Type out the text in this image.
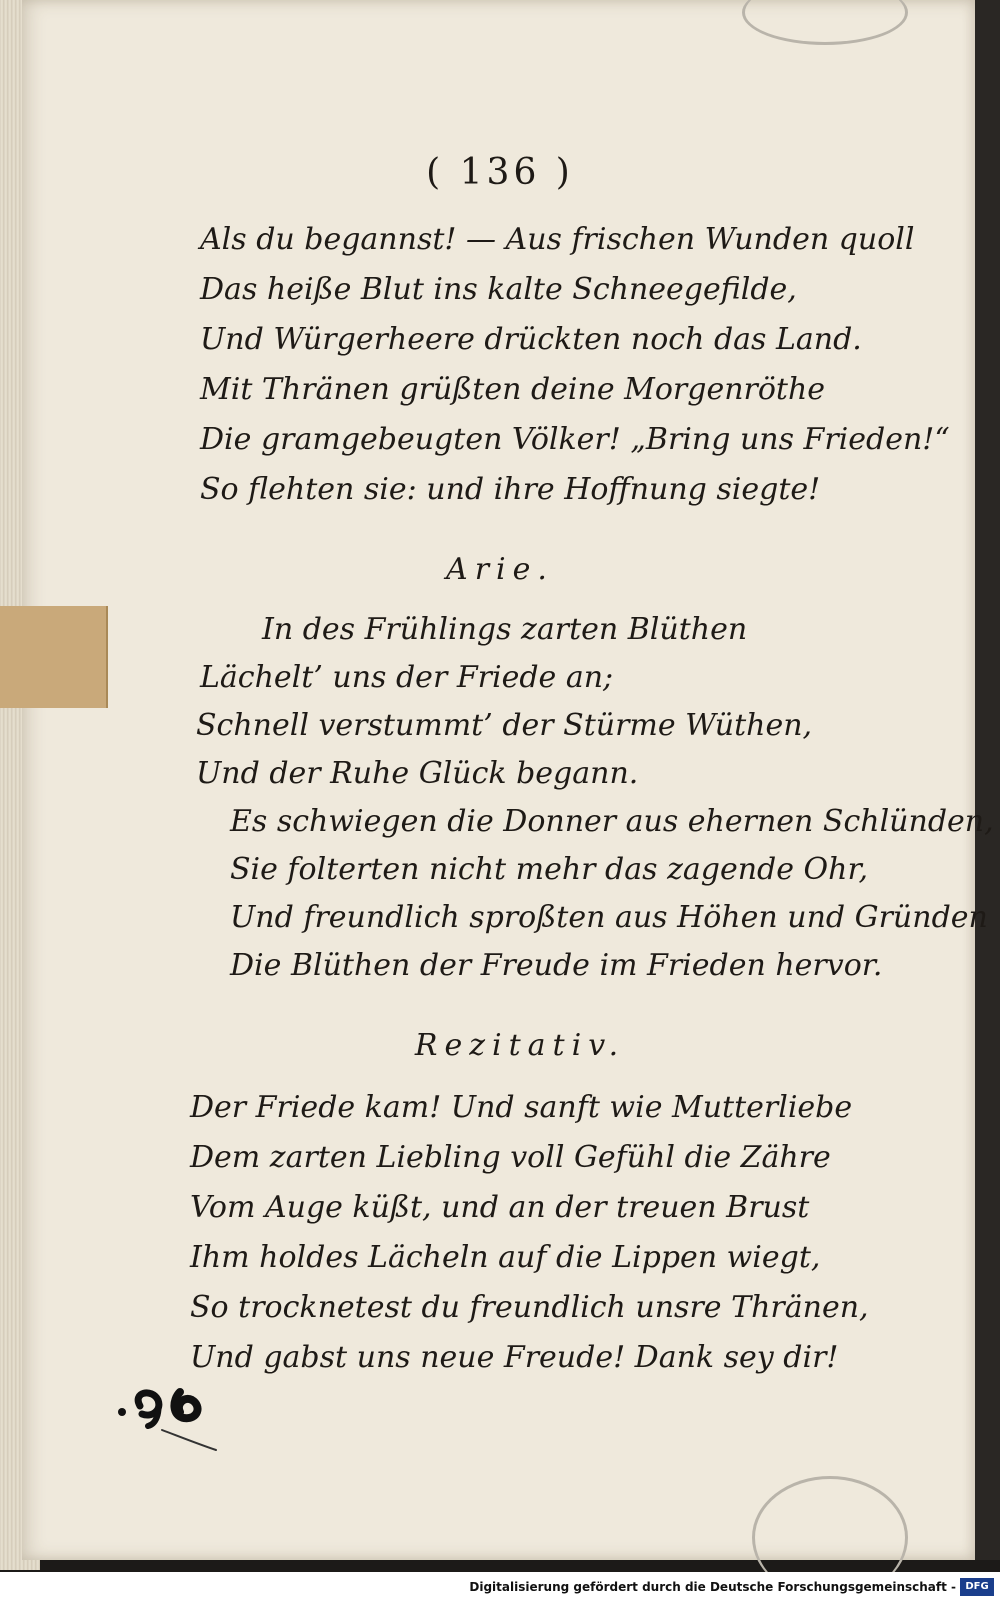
( 136 )
Als du begannst! — Aus frischen Wunden quoll
Das heiße Blut ins kalte Schneegefilde,
Und Würgerheere drückten noch das Land.
Mit Thränen grüßten deine Morgenröthe
Die gramgebeugten Völker! „Bring uns Frieden!“
So flehten sie: und ihre Hoffnung siegte!
Arie.
In des Frühlings zarten Blüthen
Lächelt’ uns der Friede an;
Schnell verstummt’ der Stürme Wüthen,
Und der Ruhe Glück begann.
Es schwiegen die Donner aus ehernen Schlünden,
Sie folterten nicht mehr das zagende Ohr,
Und freundlich sproßten aus Höhen und Gründen
Die Blüthen der Freude im Frieden hervor.
Rezitativ.
Der Friede kam! Und sanft wie Mutterliebe
Dem zarten Liebling voll Gefühl die Zähre
Vom Auge küßt, und an der treuen Brust
Ihm holdes Lächeln auf die Lippen wiegt,
So trocknetest du freundlich unsre Thränen,
Und gabst uns neue Freude! Dank sey dir!
Digitalisierung gefördert durch die Deutsche Forschungsgemeinschaft - DFG
